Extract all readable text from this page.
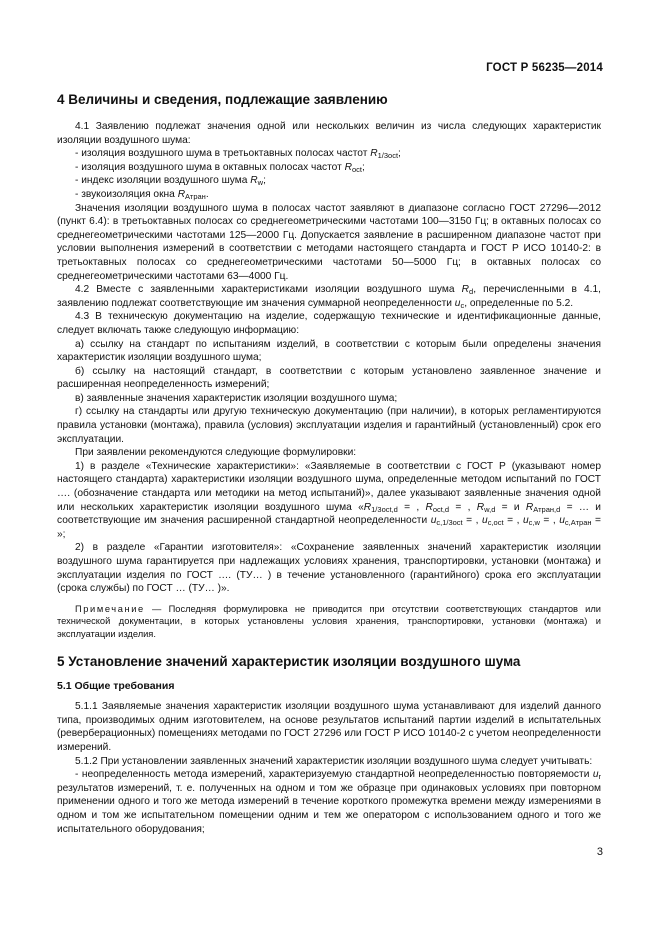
ГОСТ Р 56235—2014
4 Величины и сведения, подлежащие заявлению

4.1 Заявлению подлежат значения одной или нескольких величин из числа следующих характеристик изоляции воздушного шума:

- изоляция воздушного шума в третьоктавных полосах частот $R_{1/3oct}$;

- изоляция воздушного шума в октавных полосах частот $R_{oct}$;

- индекс изоляции воздушного шума $R_w$;

- звукоизоляция окна $R_{Атран}$.

Значения изоляции воздушного шума в полосах частот заявляют в диапазоне согласно ГОСТ 27296—2012 (пункт 6.4): в третьоктавных полосах со среднегеометрическими частотами 100—3150 Гц; в октавных полосах со среднегеометрическими частотами 125—2000 Гц. Допускается заявление в расширенном диапазоне частот при условии выполнения измерений в соответствии с методами настоящего стандарта и ГОСТ Р ИСО 10140-2: в третьоктавных полосах со среднегеометрическими частотами 50—5000 Гц; в октавных полосах со среднегеометрическими частотами 63—4000 Гц.

4.2 Вместе с заявленными характеристиками изоляции воздушного шума $R_d$, перечисленными в 4.1, заявлению подлежат соответствующие им значения суммарной неопределенности $u_c$, определенные по 5.2.

4.3 В техническую документацию на изделие, содержащую технические и идентификационные данные, следует включать также следующую информацию:

а) ссылку на стандарт по испытаниям изделий, в соответствии с которым были определены значения характеристик изоляции воздушного шума;

б) ссылку на настоящий стандарт, в соответствии с которым установлено заявленное значение и расширенная неопределенность измерений;

в) заявленные значения характеристик изоляции воздушного шума;

г) ссылку на стандарты или другую техническую документацию (при наличии), в которых регламентируются правила установки (монтажа), правила (условия) эксплуатации изделия и гарантийный (установленный) срок его эксплуатации.

При заявлении рекомендуются следующие формулировки:

1) в разделе «Технические характеристики»: «Заявляемые в соответствии с ГОСТ Р (указывают номер настоящего стандарта) характеристики изоляции воздушного шума, определенные методом испытаний по ГОСТ …. (обозначение стандарта или методики на метод испытаний)», далее указывают заявленные значения одной или нескольких характеристик изоляции воздушного шума «$R_{1/3oct,d}$ = , $R_{oct,d}$ = , $R_{w,d} = и$ $R_{Атран,d}$ = … и соответствующие им значения расширенной стандартной неопределенности $u_{c,1/3oct}$ = , $u_{c,oct}$ = , $u_{c,w}$ = , $u_{c,Атран}$ = »;

2) в разделе «Гарантии изготовителя»: «Сохранение заявленных значений характеристик изоляции воздушного шума гарантируется при надлежащих условиях хранения, транспортировки, установки (монтажа) и эксплуатации изделия по ГОСТ …. (ТУ… ) в течение установленного (гарантийного) срока его эксплуатации (срока службы) по ГОСТ … (ТУ… )».

Примечание — Последняя формулировка не приводится при отсутствии соответствующих стандартов или технической документации, в которых установлены условия хранения, транспортировки, установки (монтажа) и эксплуатации изделия.

5 Установление значений характеристик изоляции воздушного шума
5.1 Общие требования

5.1.1 Заявляемые значения характеристик изоляции воздушного шума устанавливают для изделий данного типа, производимых одним изготовителем, на основе результатов испытаний партии изделий в испытательных (реверберационных) помещениях методами по ГОСТ 27296 или ГОСТ Р ИСО 10140-2 с учетом неопределенности измерений.

5.1.2 При установлении заявленных значений характеристик изоляции воздушного шума следует учитывать:

- неопределенность метода измерений, характеризуемую стандартной неопределенностью повторяемости $u_r$ результатов измерений, т. е. полученных на одном и том же образце при одинаковых условиях при повторном применении одного и того же метода измерений в течение короткого промежутка времени между измерениями в одном и том же испытательном помещении одним и тем же оператором с использованием одного и того же испытательного оборудования;

3
